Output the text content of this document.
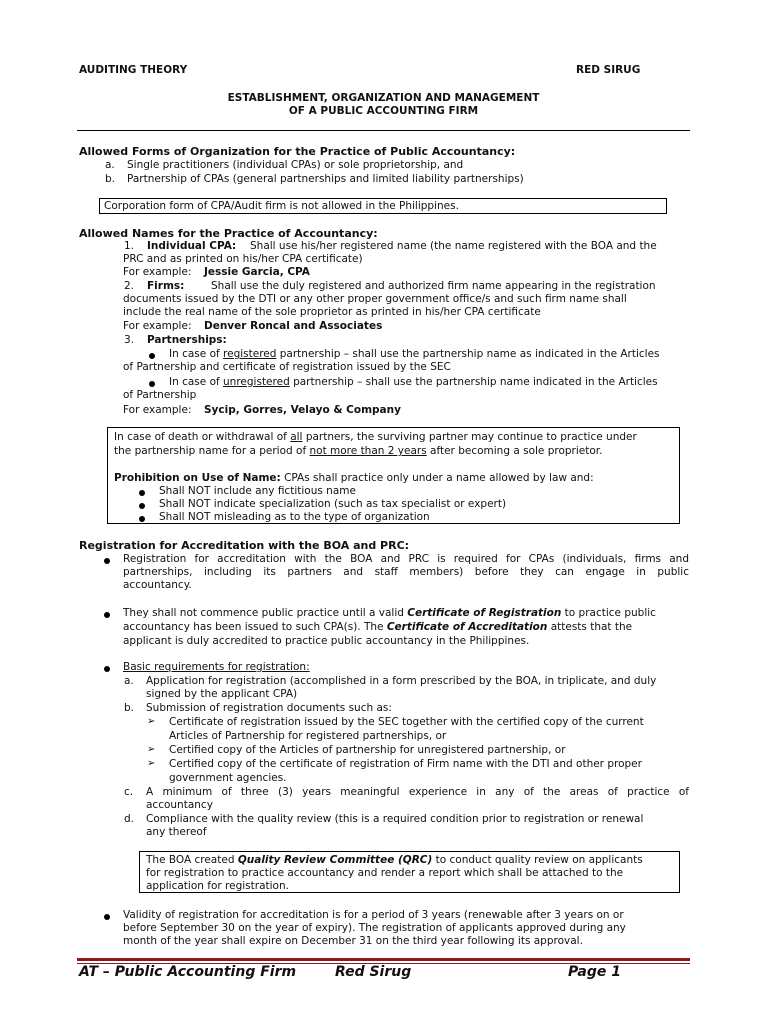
AUDITING THEORY	RED SIRUG
ESTABLISHMENT, ORGANIZATION AND MANAGEMENT
OF A PUBLIC ACCOUNTING FIRM
Allowed Forms of Organization for the Practice of Public Accountancy:
a. Single practitioners (individual CPAs) or sole proprietorship, and
b. Partnership of CPAs (general partnerships and limited liability partnerships)
Corporation form of CPA/Audit firm is not allowed in the Philippines.
Allowed Names for the Practice of Accountancy:
1. Individual CPA: Shall use his/her registered name (the name registered with the BOA and the
PRC and as printed on his/her CPA certificate)
For example: Jessie Garcia, CPA
2. Firms:	Shall use the duly registered and authorized firm name appearing in the registration
documents issued by the DTI or any other proper government office/s and such firm name shall
include the real name of the sole proprietor as printed in his/her CPA certificate
For example: Denver Roncal and Associates
3. Partnerships:
In case of registered partnership – shall use the partnership name as indicated in the Articles
of Partnership and certificate of registration issued by the SEC
In case of unregistered partnership – shall use the partnership name indicated in the Articles
of Partnership
For example: Sycip, Gorres, Velayo & Company
In case of death or withdrawal of all partners, the surviving partner may continue to practice under
the partnership name for a period of not more than 2 years after becoming a sole proprietor.
Prohibition on Use of Name: CPAs shall practice only under a name allowed by law and:
Shall NOT include any fictitious name
Shall NOT indicate specialization (such as tax specialist or expert)
Shall NOT misleading as to the type of organization
Registration for Accreditation with the BOA and PRC:
Registration for accreditation with the BOA and PRC is required for CPAs (individuals, firms and
partnerships, including its partners and staff members) before they can engage in public
accountancy.
They shall not commence public practice until a valid Certificate of Registration to practice public
accountancy has been issued to such CPA(s). The Certificate of Accreditation attests that the
applicant is duly accredited to practice public accountancy in the Philippines.
Basic requirements for registration:
a. Application for registration (accomplished in a form prescribed by the BOA, in triplicate, and duly
signed by the applicant CPA)
b. Submission of registration documents such as:
➢ Certificate of registration issued by the SEC together with the certified copy of the current
Articles of Partnership for registered partnerships, or
➢ Certified copy of the Articles of partnership for unregistered partnership, or
➢ Certified copy of the certificate of registration of Firm name with the DTI and other proper
government agencies.
c. A minimum of three (3) years meaningful experience in any of the areas of practice of
accountancy
d. Compliance with the quality review (this is a required condition prior to registration or renewal
any thereof
The BOA created Quality Review Committee (QRC) to conduct quality review on applicants
for registration to practice accountancy and render a report which shall be attached to the
application for registration.
Validity of registration for accreditation is for a period of 3 years (renewable after 3 years on or
before September 30 on the year of expiry). The registration of applicants approved during any
month of the year shall expire on December 31 on the third year following its approval.
AT – Public Accounting Firm	Red Sirug	Page 1
